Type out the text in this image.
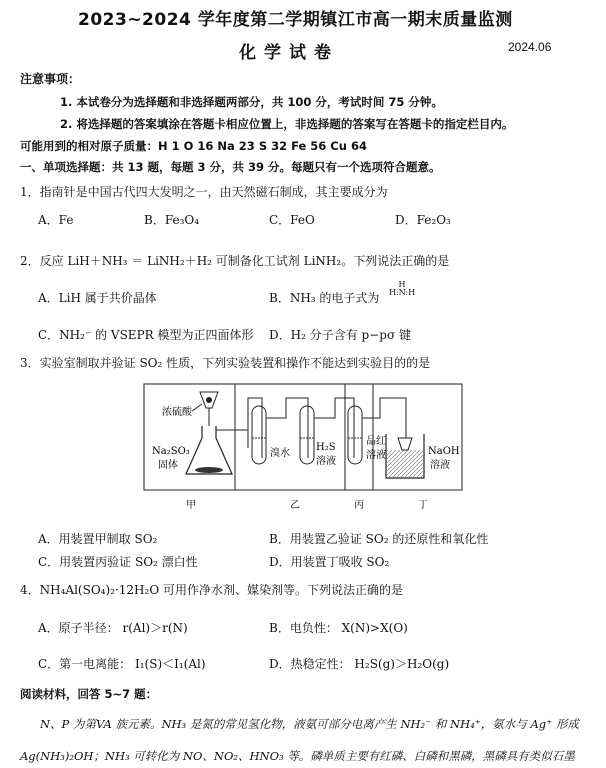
2023~2024 学年度第二学期镇江市高一期末质量监测
化学试卷	2024.06
注意事项：
1. 本试卷分为选择题和非选择题两部分，共 100 分，考试时间 75 分钟。
2. 将选择题的答案填涂在答题卡相应位置上，非选择题的答案写在答题卡的指定栏目内。
可能用到的相对原子质量：H 1 O 16 Na 23 S 32 Fe 56 Cu 64
一、单项选择题：共 13 题，每题 3 分，共 39 分。每题只有一个选项符合题意。
1．指南针是中国古代四大发明之一，由天然磁石制成，其主要成分为
A．Fe	B．Fe₃O₄	C．FeO	D．Fe₂O₃
2．反应 LiH＋NH₃ ＝ LiNH₂＋H₂ 可制备化工试剂 LiNH₂。下列说法正确的是
A．LiH 属于共价晶体	B．NH₃ 的电子式为
H
H:N:H
C．NH₂⁻ 的 VSEPR 模型为正四面体形 D．H₂ 分子含有 p−pσ 键
3．实验室制取并验证 SO₂ 性质，下列实验装置和操作不能达到实验目的的是
浓硫酸
Na₂SO₃
固体
溴水
H₂S
溶液
品红
溶液	NaOH
溶液
甲	乙	丙	丁
A．用装置甲制取 SO₂	B．用装置乙验证 SO₂ 的还原性和氧化性
C．用装置丙验证 SO₂ 漂白性	D．用装置丁吸收 SO₂
4．NH₄Al(SO₄)₂·12H₂O 可用作净水剂、媒染剂等。下列说法正确的是
A．原子半径： r(Al)＞r(N)	B．电负性： X(N)>X(O)
C．第一电离能： I₁(S)＜I₁(Al)	D．热稳定性： H₂S(g)＞H₂O(g)
阅读材料，回答 5~7 题：
N、P 为第VA 族元素。NH₃ 是氮的常见氢化物，液氨可部分电离产生 NH₂⁻ 和 NH₄⁺，氨水与 Ag⁺ 形成
Ag(NH₃)₂OH；NH₃ 可转化为 NO、NO₂、HNO₃ 等。磷单质主要有红磷、白磷和黑磷，黑磷具有类似石墨
